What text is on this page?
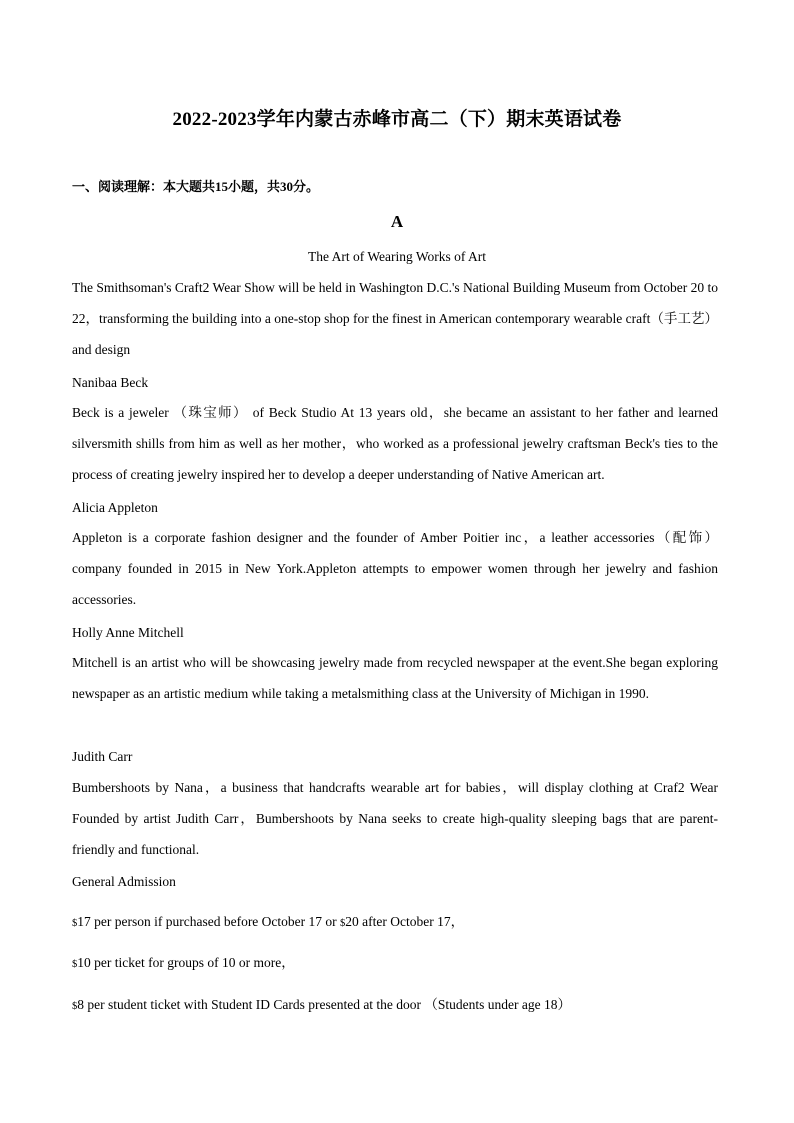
2022-2023学年内蒙古赤峰市高二（下）期末英语试卷
一、阅读理解：本大题共15小题，共30分。
A
The Art of Wearing Works of Art

The Smithsoman's Craft2 Wear Show will be held in Washington D.C.'s National Building Museum from October 20 to 22，transforming the building into a one-stop shop for the finest in American contemporary wearable craft（手工艺） and design

Nanibaa Beck

Beck is a jeweler （珠宝师） of Beck Studio At 13 years old，she became an assistant to her father and learned silversmith shills from him as well as her mother，who worked as a professional jewelry craftsman Beck's ties to the process of creating jewelry inspired her to develop a deeper understanding of Native American art.

Alicia Appleton

Appleton is a corporate fashion designer and the founder of Amber Poitier inc，a leather accessories（配饰） company founded in 2015 in New York.Appleton attempts to empower women through her jewelry and fashion accessories.

Holly Anne Mitchell

Mitchell is an artist who will be showcasing jewelry made from recycled newspaper at the event.She began exploring newspaper as an artistic medium while taking a metalsmithing class at the University of Michigan in 1990.

Judith Carr

Bumbershoots by Nana，a business that handcrafts wearable art for babies，will display clothing at Craf2 Wear Founded by artist Judith Carr，Bumbershoots by Nana seeks to create high-quality sleeping bags that are parent-friendly and functional.

General Admission

$17 per person if purchased before October 17 or $20 after October 17，

$10 per ticket for groups of 10 or more，

$8 per student ticket with Student ID Cards presented at the door （Students under age 18）
